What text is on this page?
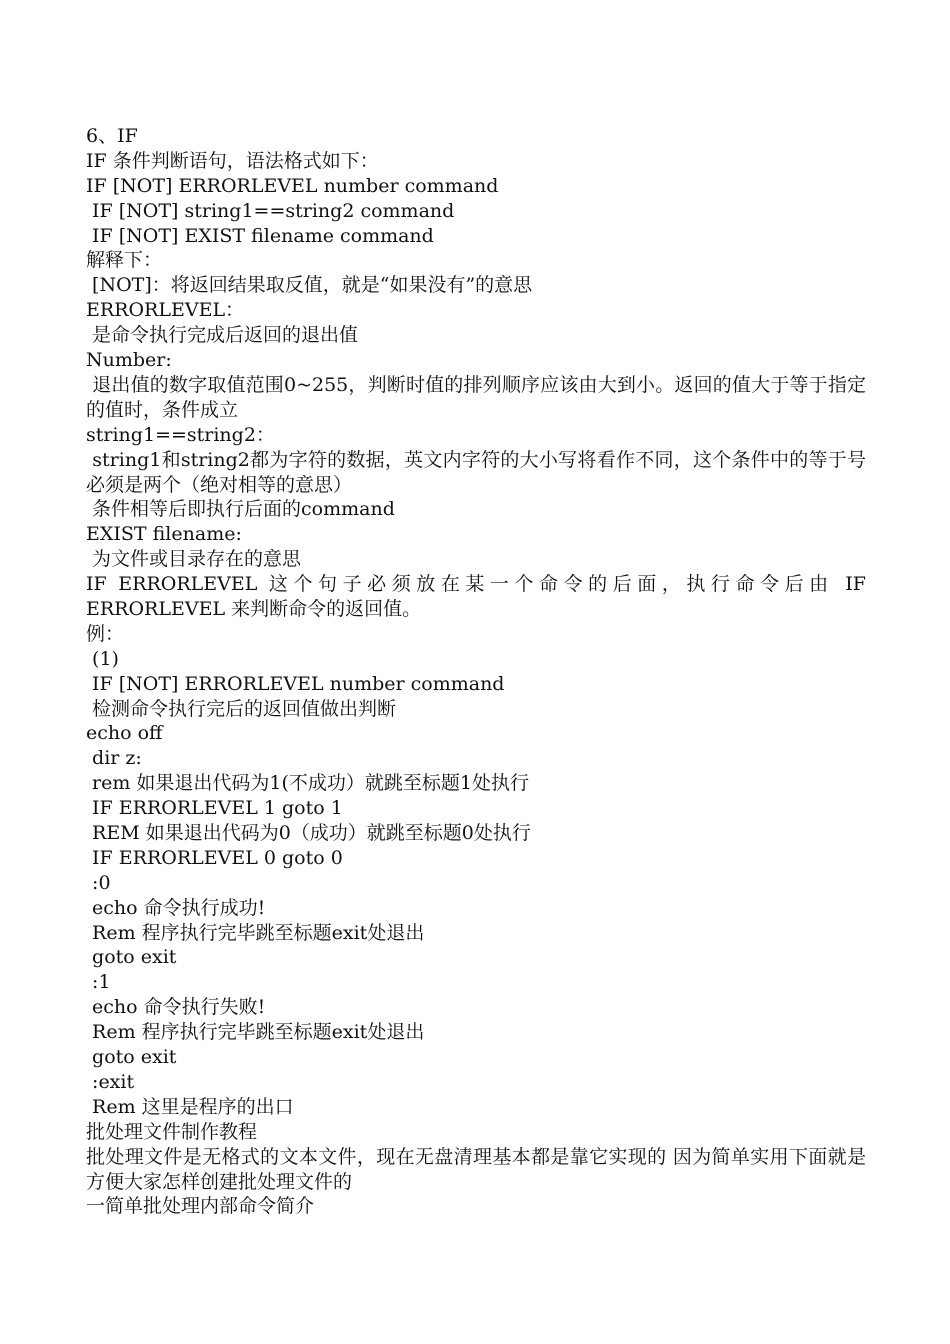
6、IF
IF 条件判断语句，语法格式如下：
IF [NOT] ERRORLEVEL number command
IF [NOT] string1==string2 command
IF [NOT] EXIST filename command
解释下：
[NOT]：将返回结果取反值，就是“如果没有”的意思
ERRORLEVEL：
是命令执行完成后返回的退出值
Number:
退出值的数字取值范围0~255，判断时值的排列顺序应该由大到小。返回的值大于等于指定的值时，条件成立
string1==string2：
string1和string2都为字符的数据，英文内字符的大小写将看作不同，这个条件中的等于号必须是两个（绝对相等的意思）
条件相等后即执行后面的command
EXIST filename:
为文件或目录存在的意思
IF ERRORLEVEL 这个句子必须放在某一个命令的后面，执行命令后由 IF ERRORLEVEL 来判断命令的返回值。
例：
(1)
IF [NOT] ERRORLEVEL number command
检测命令执行完后的返回值做出判断
echo off
dir z:
rem 如果退出代码为1(不成功）就跳至标题1处执行
IF ERRORLEVEL 1 goto 1
REM 如果退出代码为0（成功）就跳至标题0处执行
IF ERRORLEVEL 0 goto 0
:0
echo 命令执行成功!
Rem 程序执行完毕跳至标题exit处退出
goto exit
:1
echo 命令执行失败!
Rem 程序执行完毕跳至标题exit处退出
goto exit
:exit
Rem 这里是程序的出口
批处理文件制作教程
批处理文件是无格式的文本文件，现在无盘清理基本都是靠它实现的 因为简单实用下面就是方便大家怎样创建批处理文件的
一简单批处理内部命令简介
